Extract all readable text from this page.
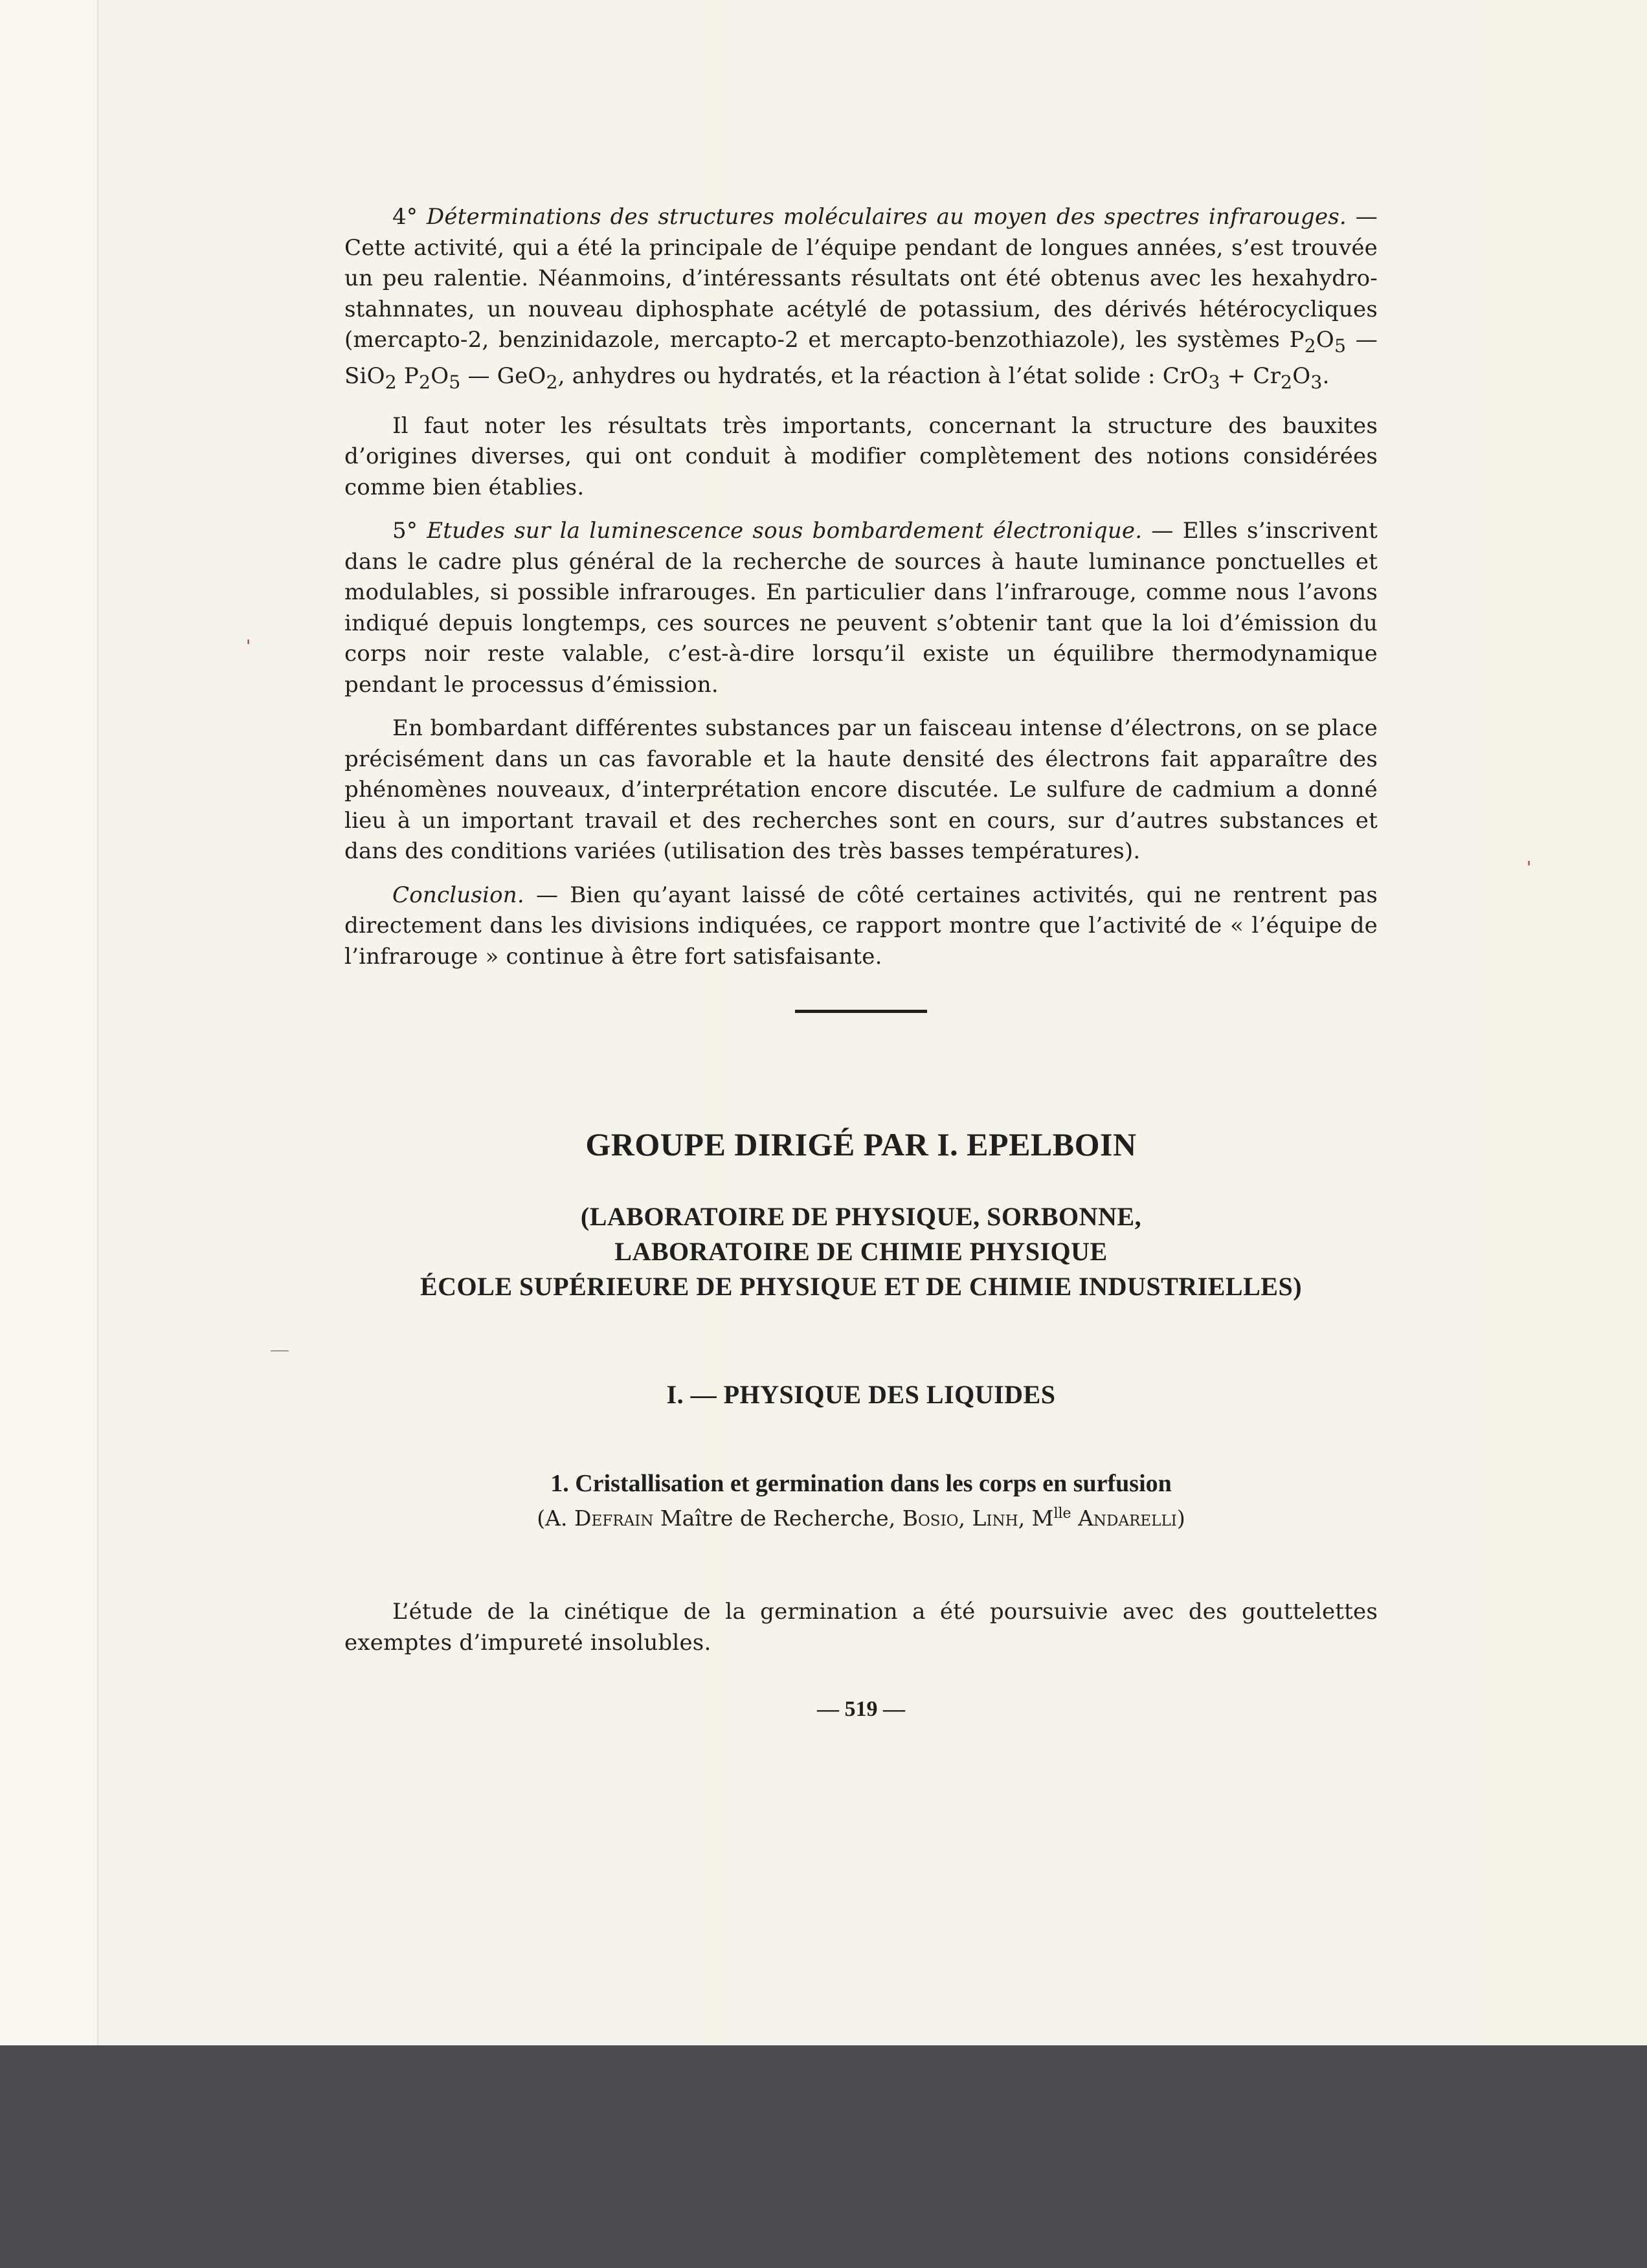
'
'

4° Déterminations des structures moléculaires au moyen des spectres infrarouges. — Cette activité, qui a été la principale de l’équipe pendant de longues années, s’est trouvée un peu ralentie. Néanmoins, d’intéressants résultats ont été obtenus avec les hexahydro-stahnnates, un nouveau diphosphate acétylé de potassium, des dérivés hétérocycliques (mercapto-2, benzinidazole, mercapto-2 et mercapto-benzothiazole), les systèmes $P_2O_5$ — SiO$_2$ $P_2O_5$ — GeO$_2$, anhydres ou hydratés, et la réaction à l’état solide : $CrO_3 + Cr_2O_3$.

Il faut noter les résultats très importants, concernant la structure des bauxites d’origines diverses, qui ont conduit à modifier complètement des notions considérées comme bien établies.

5° Etudes sur la luminescence sous bombardement électronique. — Elles s’inscrivent dans le cadre plus général de la recherche de sources à haute luminance ponctuelles et modulables, si possible infrarouges. En particulier dans l’infrarouge, comme nous l’avons indiqué depuis longtemps, ces sources ne peuvent s’obtenir tant que la loi d’émission du corps noir reste valable, c’est-à-dire lorsqu’il existe un équilibre thermodynamique pendant le processus d’émission.

En bombardant différentes substances par un faisceau intense d’électrons, on se place précisément dans un cas favorable et la haute densité des électrons fait apparaître des phénomènes nouveaux, d’interprétation encore discutée. Le sulfure de cadmium a donné lieu à un important travail et des recherches sont en cours, sur d’autres substances et dans des conditions variées (utilisation des très basses températures).

Conclusion. — Bien qu’ayant laissé de côté certaines activités, qui ne rentrent pas directement dans les divisions indiquées, ce rapport montre que l’activité de « l’équipe de l’infrarouge » continue à être fort satisfaisante.

GROUPE DIRIGÉ PAR I. EPELBOIN
(LABORATOIRE DE PHYSIQUE, SORBONNE,
LABORATOIRE DE CHIMIE PHYSIQUE
ÉCOLE SUPÉRIEURE DE PHYSIQUE ET DE CHIMIE INDUSTRIELLES)
I. — PHYSIQUE DES LIQUIDES
1. Cristallisation et germination dans les corps en surfusion
(A. Defrain Maître de Recherche, Bosio, Linh, $M^{lle}$ Andarelli)

L’étude de la cinétique de la germination a été poursuivie avec des gouttelettes exemptes d’impureté insolubles.

— 519 —
